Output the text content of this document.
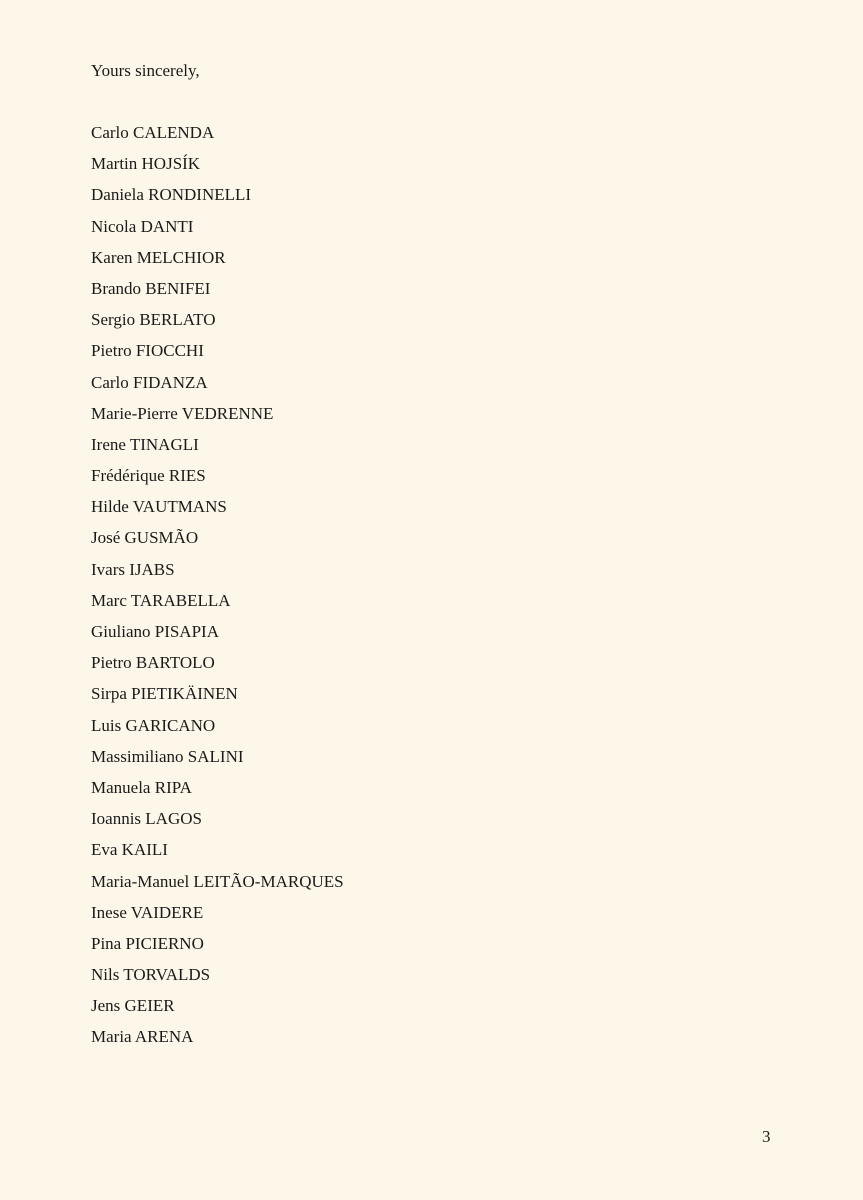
Yours sincerely,

Carlo CALENDA
Martin HOJSÍK
Daniela RONDINELLI
Nicola DANTI
Karen MELCHIOR
Brando BENIFEI
Sergio BERLATO
Pietro FIOCCHI
Carlo FIDANZA
Marie-Pierre VEDRENNE
Irene TINAGLI
Frédérique RIES
Hilde VAUTMANS
José GUSMÃO
Ivars IJABS
Marc TARABELLA
Giuliano PISAPIA
Pietro BARTOLO
Sirpa PIETIKÄINEN
Luis GARICANO
Massimiliano SALINI
Manuela RIPA
Ioannis LAGOS
Eva KAILI
Maria-Manuel LEITÃO-MARQUES
Inese VAIDERE
Pina PICIERNO
Nils TORVALDS
Jens GEIER
Maria ARENA
3
